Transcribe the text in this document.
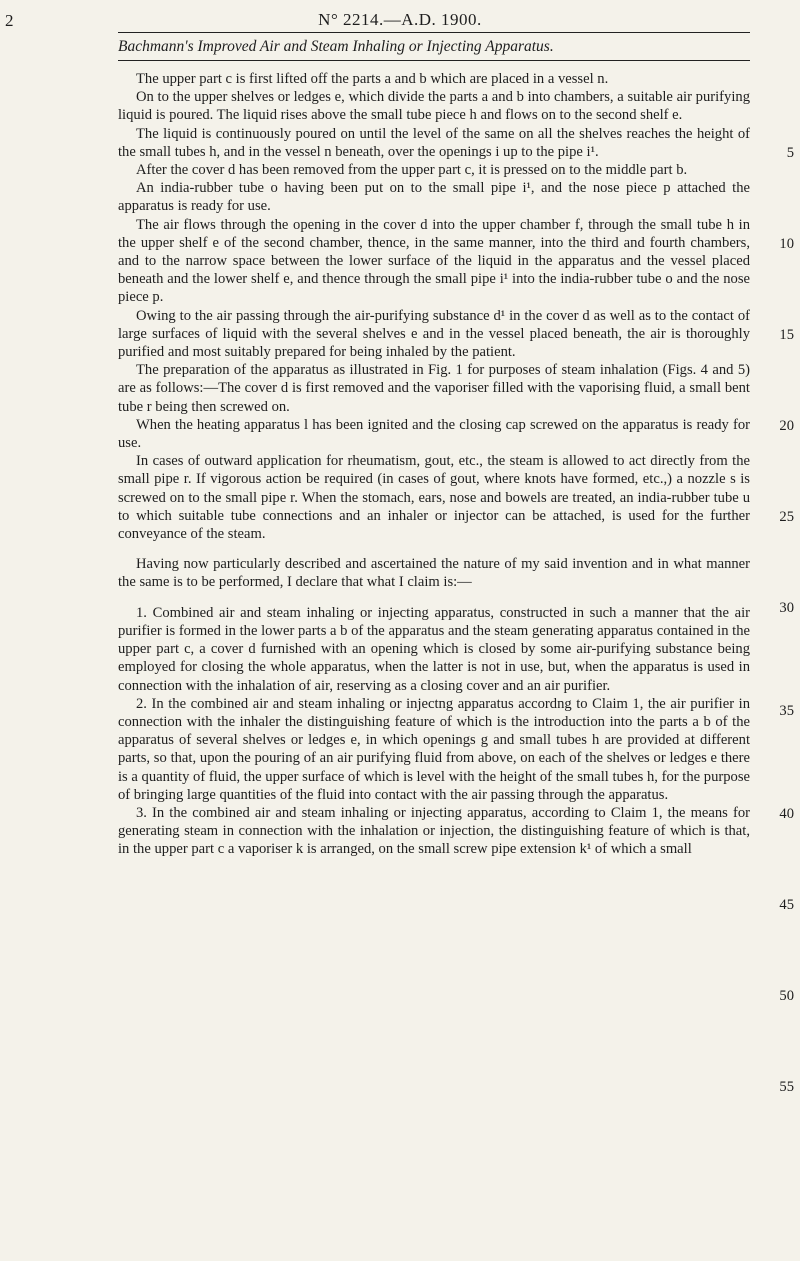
2	N° 2214.—A.D. 1900.
Bachmann's Improved Air and Steam Inhaling or Injecting Apparatus.

The upper part c is first lifted off the parts a and b which are placed in a vessel n.

On to the upper shelves or ledges e, which divide the parts a and b into chambers, a suitable air purifying liquid is poured. The liquid rises above the small tube piece h and flows on to the second shelf e.

The liquid is continuously poured on until the level of the same on all the shelves reaches the height of the small tubes h, and in the vessel n beneath, over the openings i up to the pipe i¹.

After the cover d has been removed from the upper part c, it is pressed on to the middle part b.

An india-rubber tube o having been put on to the small pipe i¹, and the nose piece p attached the apparatus is ready for use.

The air flows through the opening in the cover d into the upper chamber f, through the small tube h in the upper shelf e of the second chamber, thence, in the same manner, into the third and fourth chambers, and to the narrow space between the lower surface of the liquid in the apparatus and the vessel placed beneath and the lower shelf e, and thence through the small pipe i¹ into the india-rubber tube o and the nose piece p.

Owing to the air passing through the air-purifying substance d¹ in the cover d as well as to the contact of large surfaces of liquid with the several shelves e and in the vessel placed beneath, the air is thoroughly purified and most suitably prepared for being inhaled by the patient.

The preparation of the apparatus as illustrated in Fig. 1 for purposes of steam inhalation (Figs. 4 and 5) are as follows:—The cover d is first removed and the vaporiser filled with the vaporising fluid, a small bent tube r being then screwed on.

When the heating apparatus l has been ignited and the closing cap screwed on the apparatus is ready for use.

In cases of outward application for rheumatism, gout, etc., the steam is allowed to act directly from the small pipe r. If vigorous action be required (in cases of gout, where knots have formed, etc.,) a nozzle s is screwed on to the small pipe r. When the stomach, ears, nose and bowels are treated, an india-rubber tube u to which suitable tube connections and an inhaler or injector can be attached, is used for the further conveyance of the steam.

Having now particularly described and ascertained the nature of my said invention and in what manner the same is to be performed, I declare that what I claim is:—

1. Combined air and steam inhaling or injecting apparatus, constructed in such a manner that the air purifier is formed in the lower parts a b of the apparatus and the steam generating apparatus contained in the upper part c, a cover d furnished with an opening which is closed by some air-purifying substance being employed for closing the whole apparatus, when the latter is not in use, but, when the apparatus is used in connection with the inhalation of air, reserving as a closing cover and an air purifier.

2. In the combined air and steam inhaling or injectng apparatus accordng to Claim 1, the air purifier in connection with the inhaler the distinguishing feature of which is the introduction into the parts a b of the apparatus of several shelves or ledges e, in which openings g and small tubes h are provided at different parts, so that, upon the pouring of an air purifying fluid from above, on each of the shelves or ledges e there is a quantity of fluid, the upper surface of which is level with the height of the small tubes h, for the purpose of bringing large quantities of the fluid into contact with the air passing through the apparatus.

3. In the combined air and steam inhaling or injecting apparatus, according to Claim 1, the means for generating steam in connection with the inhalation or injection, the distinguishing feature of which is that, in the upper part c a vaporiser k is arranged, on the small screw pipe extension k¹ of which a small

5
10
15
20
25
30
35
40
45
50
55
